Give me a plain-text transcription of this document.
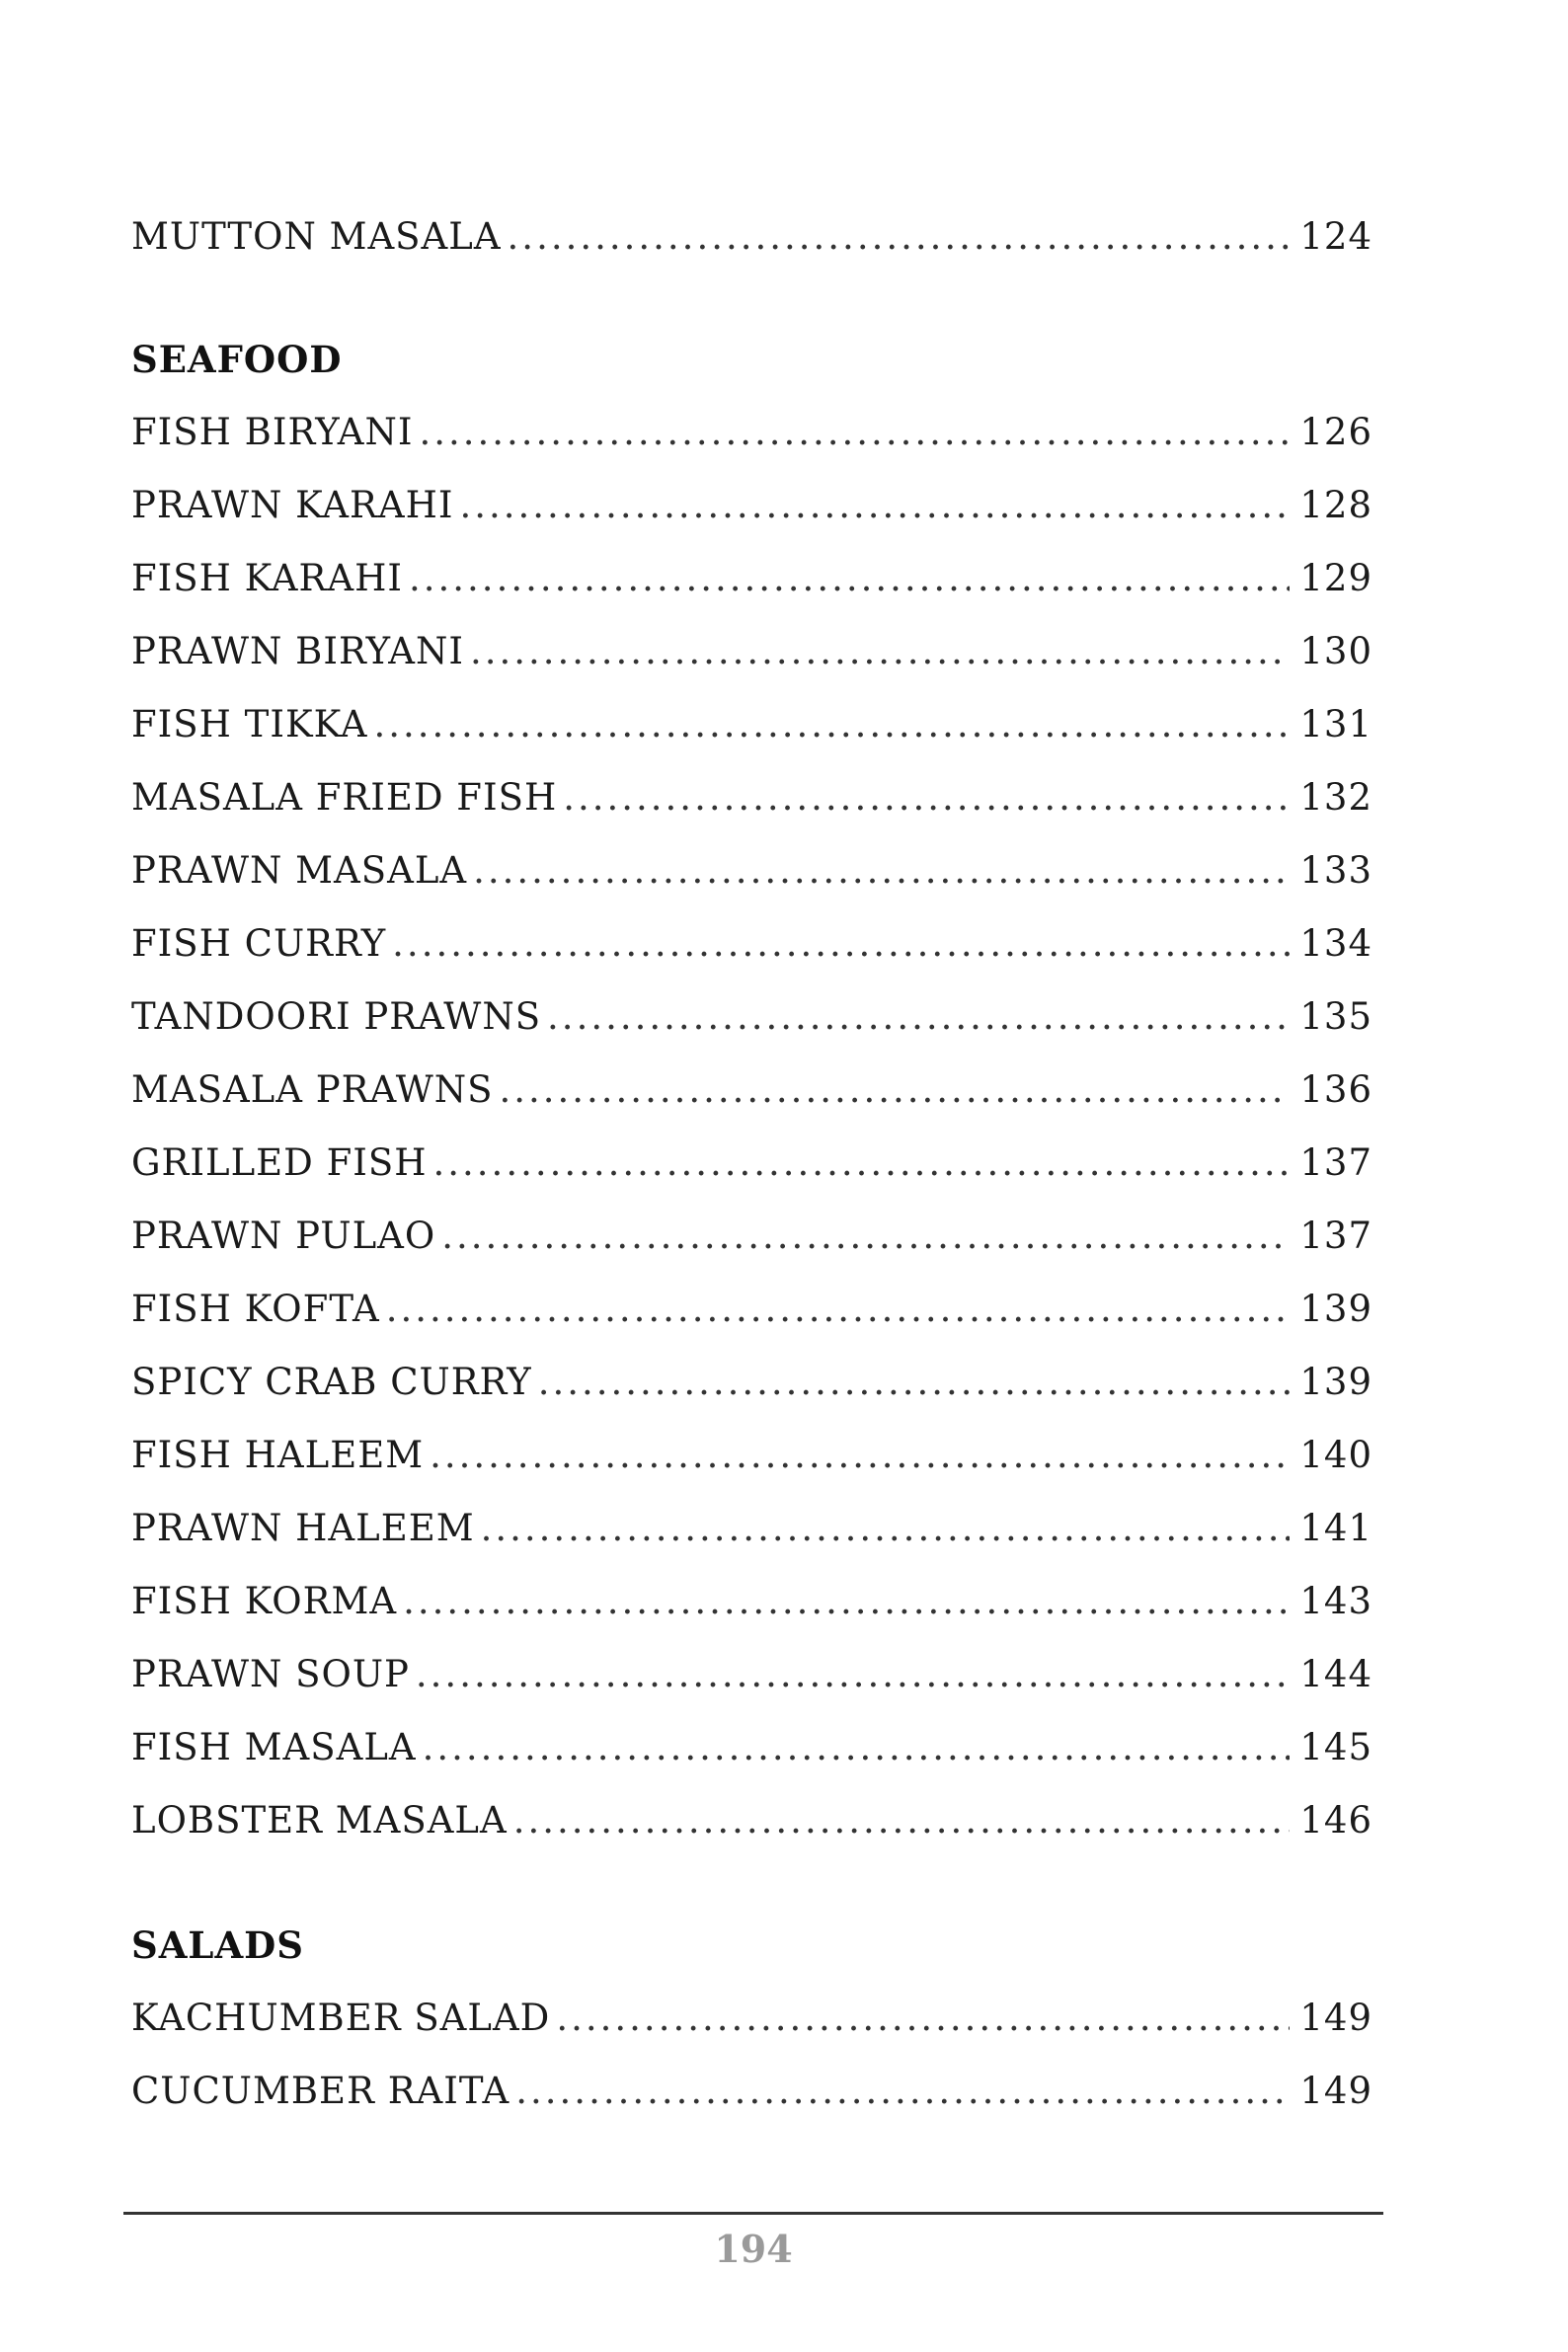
MUTTON MASALA .....	124
SEAFOOD
FISH BIRYANI .....	126
PRAWN KARAHI .....	128
FISH KARAHI .....	129
PRAWN BIRYANI .....	130
FISH TIKKA .....	131
MASALA FRIED FISH .....	132
PRAWN MASALA .....	133
FISH CURRY .....	134
TANDOORI PRAWNS .....	135
MASALA PRAWNS .....	136
GRILLED FISH .....	137
PRAWN PULAO .....	137
FISH KOFTA .....	139
SPICY CRAB CURRY .....	139
FISH HALEEM .....	140
PRAWN HALEEM .....	141
FISH KORMA .....	143
PRAWN SOUP .....	144
FISH MASALA .....	145
LOBSTER MASALA .....	146
SALADS
KACHUMBER SALAD .....	149
CUCUMBER RAITA .....	149
194
